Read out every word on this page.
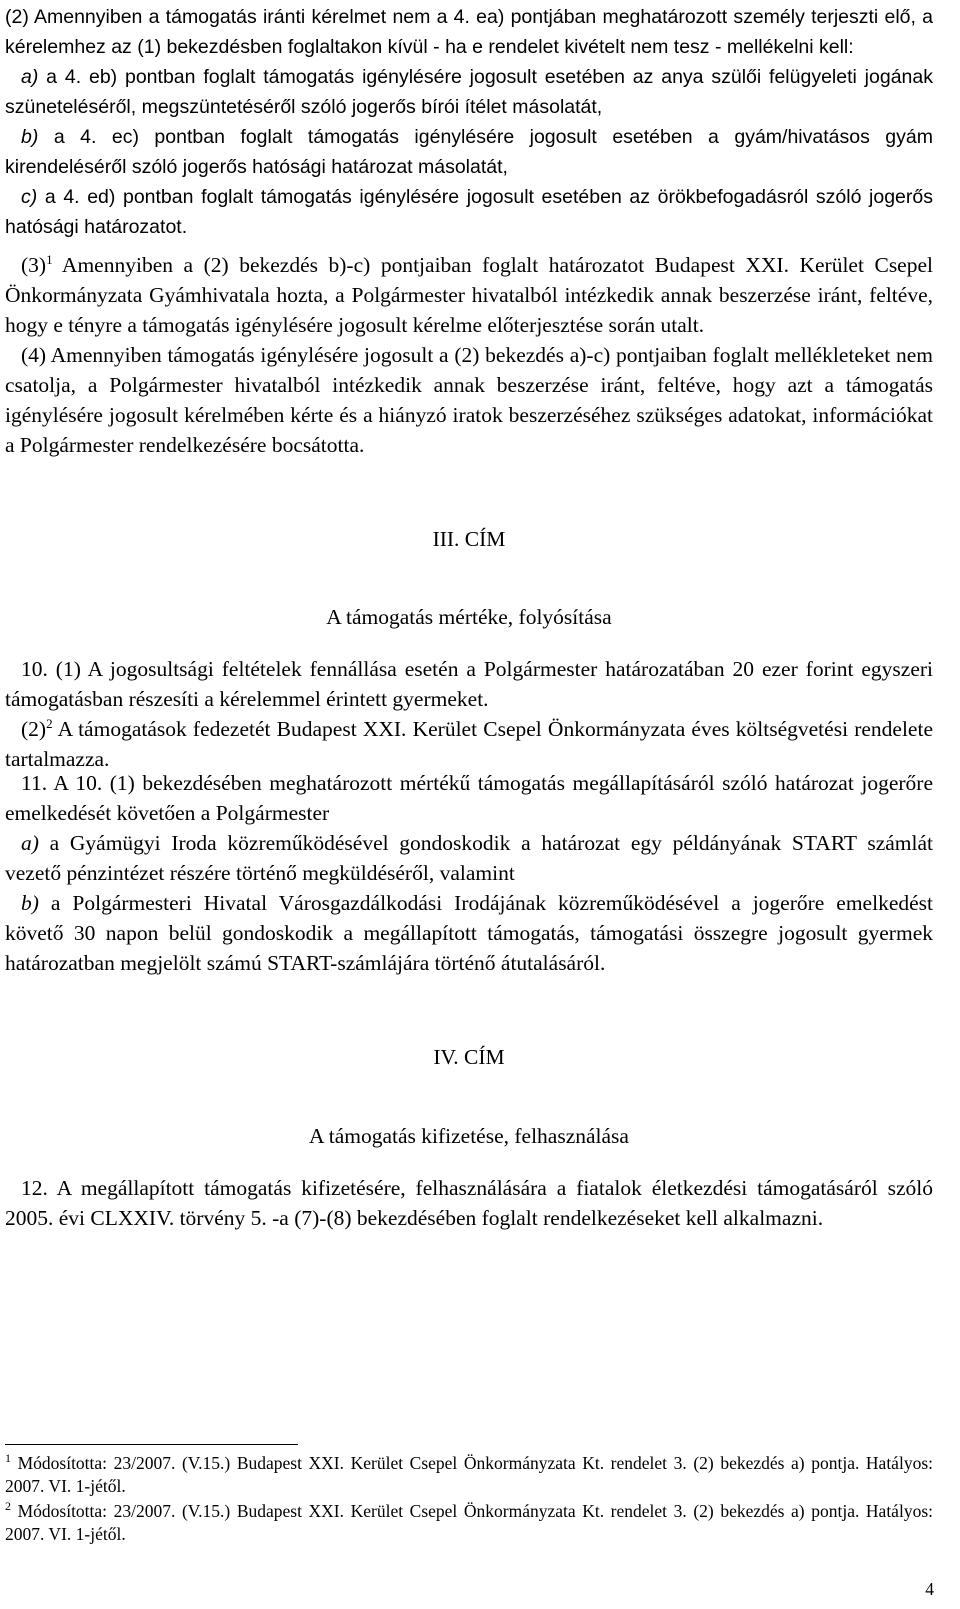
(2) Amennyiben a támogatás iránti kérelmet nem a 4. ea) pontjában meghatározott személy terjeszti elő, a kérelemhez az (1) bekezdésben foglaltakon kívül - ha e rendelet kivételt nem tesz - mellékelni kell:

a) a 4. eb) pontban foglalt támogatás igénylésére jogosult esetében az anya szülői felügyeleti jogának szüneteléséről, megszüntetéséről szóló jogerős bírói ítélet másolatát,

b) a 4. ec) pontban foglalt támogatás igénylésére jogosult esetében a gyám/hivatásos gyám kirendeléséről szóló jogerős hatósági határozat másolatát,

c) a 4. ed) pontban foglalt támogatás igénylésére jogosult esetében az örökbefogadásról szóló jogerős hatósági határozatot.

$(3)^1$ Amennyiben a (2) bekezdés b)-c) pontjaiban foglalt határozatot Budapest XXI. Kerület Csepel Önkormányzata Gyámhivatala hozta, a Polgármester hivatalból intézkedik annak beszerzése iránt, feltéve, hogy e tényre a támogatás igénylésére jogosult kérelme előterjesztése során utalt.

(4) Amennyiben támogatás igénylésére jogosult a (2) bekezdés a)-c) pontjaiban foglalt mellékleteket nem csatolja, a Polgármester hivatalból intézkedik annak beszerzése iránt, feltéve, hogy azt a támogatás igénylésére jogosult kérelmében kérte és a hiányzó iratok beszerzéséhez szükséges adatokat, információkat a Polgármester rendelkezésére bocsátotta.

III. CÍM
A támogatás mértéke, folyósítása

10. (1) A jogosultsági feltételek fennállása esetén a Polgármester határozatában 20 ezer forint egyszeri támogatásban részesíti a kérelemmel érintett gyermeket.

$(2)^2$ A támogatások fedezetét Budapest XXI. Kerület Csepel Önkormányzata éves költségvetési rendelete tartalmazza.

11. A 10. (1) bekezdésében meghatározott mértékű támogatás megállapításáról szóló határozat jogerőre emelkedését követően a Polgármester

a) a Gyámügyi Iroda közreműködésével gondoskodik a határozat egy példányának START számlát vezető pénzintézet részére történő megküldéséről, valamint

b) a Polgármesteri Hivatal Városgazdálkodási Irodájának közreműködésével a jogerőre emelkedést követő 30 napon belül gondoskodik a megállapított támogatás, támogatási összegre jogosult gyermek határozatban megjelölt számú START-számlájára történő átutalásáról.

IV. CÍM
A támogatás kifizetése, felhasználása

12. A megállapított támogatás kifizetésére, felhasználására a fiatalok életkezdési támogatásáról szóló 2005. évi CLXXIV. törvény 5. -a (7)-(8) bekezdésében foglalt rendelkezéseket kell alkalmazni.

$^1$ Módosította: 23/2007. (V.15.) Budapest XXI. Kerület Csepel Önkormányzata Kt. rendelet 3. (2) bekezdés a) pontja. Hatályos: 2007. VI. 1-jétől.
$^2$ Módosította: 23/2007. (V.15.) Budapest XXI. Kerület Csepel Önkormányzata Kt. rendelet 3. (2) bekezdés a) pontja. Hatályos: 2007. VI. 1-jétől.
4
